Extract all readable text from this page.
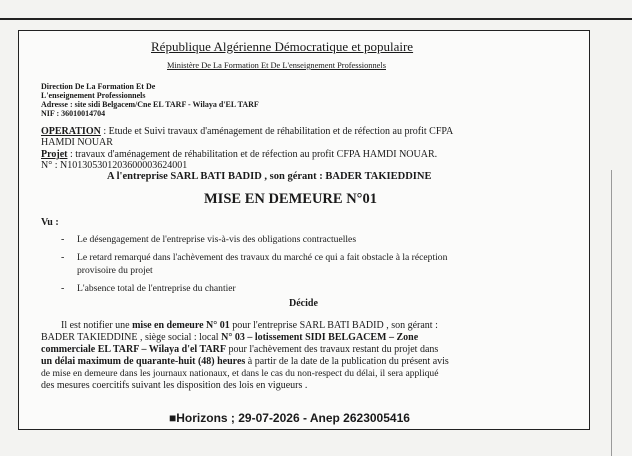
République Algérienne Démocratique et populaire
Ministère De La Formation Et De L'enseignement Professionnels
Direction De La Formation Et De
L'enseignement Professionnels
Adresse : site sidi Belgacem/Cne EL TARF - Wilaya d'EL TARF
NIF : 36010014704
OPERATION : Etude et Suivi travaux d'aménagement de réhabilitation et de réfection au profit CFPA
HAMDI NOUAR
Projet : travaux d'aménagement de réhabilitation et de réfection au profit CFPA HAMDI NOUAR.
N° : N101305301203600003624001
A l'entreprise SARL BATI BADID , son gérant : BADER TAKIEDDINE
MISE EN DEMEURE N°01
Vu :
- Le désengagement de l'entreprise vis-à-vis des obligations contractuelles
- Le retard remarqué dans l'achèvement des travaux du marché ce qui a fait obstacle à la réception
provisoire du projet
- L'absence total de l'entreprise du chantier
Décide
Il est notifier une mise en demeure N° 01 pour l'entreprise SARL BATI BADID , son gérant :
BADER TAKIEDDINE , siège social : local N° 03 – lotissement SIDI BELGACEM – Zone
commerciale EL TARF – Wilaya d'el TARF pour l'achèvement des travaux restant du projet dans
un délai maximum de quarante-huit (48) heures à partir de la date de la publication du présent avis
de mise en demeure dans les journaux nationaux, et dans le cas du non-respect du délai, il sera appliqué
des mesures coercitifs suivant les disposition des lois en vigueurs .
■Horizons ; 29-07-2026 - Anep 2623005416
